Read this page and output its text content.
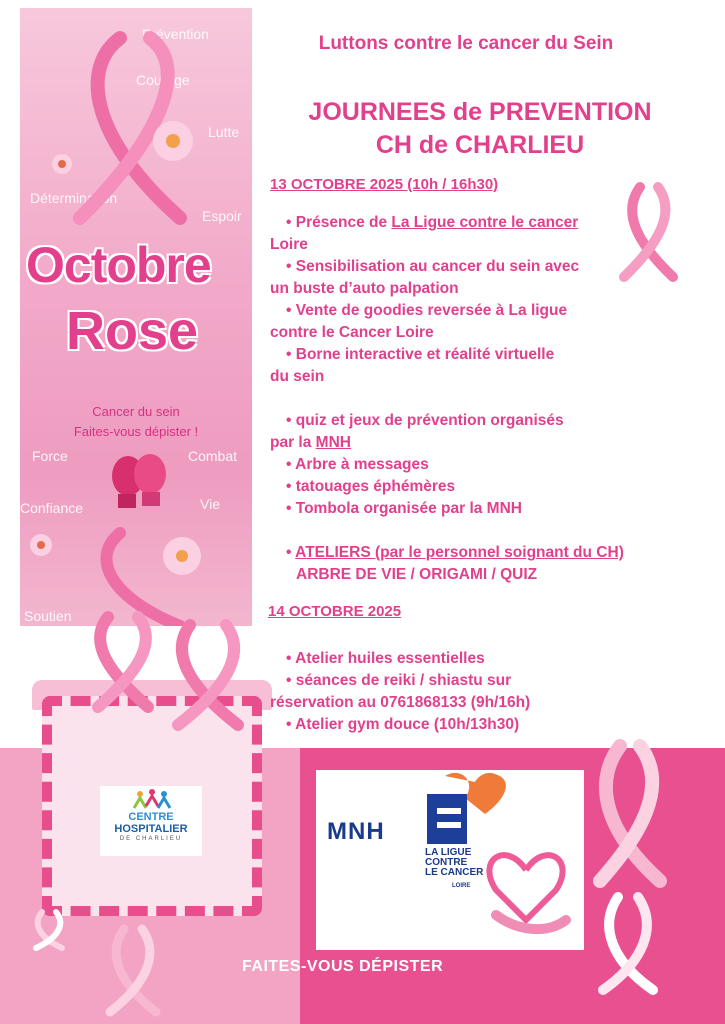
Prévention
Courage
Lutte
Détermination
Espoir
Force	Combat
Confiance	Vie
Soutien
Octobre
Rose
Cancer du sein
Faites-vous dépister !
CENTRE
HOSPITALIER
DE CHARLIEU	MNH
LA LIGUE
CONTRE
LE CANCER
LOIRE
FAITES-VOUS DÉPISTER
Luttons contre le cancer du Sein
JOURNEES de PREVENTION
CH de CHARLIEU
13 OCTOBRE 2025 (10h / 16h30)
• Présence de La Ligue contre le cancer
Loire
• Sensibilisation au cancer du sein avec
un buste d’auto palpation
• Vente de goodies reversée à La ligue
contre le Cancer Loire
• Borne interactive et réalité virtuelle
du sein
• quiz et jeux de prévention organisés
par la MNH
• Arbre à messages
• tatouages éphémères
• Tombola organisée par la MNH
• ATELIERS (par le personnel soignant du CH)
ARBRE DE VIE / ORIGAMI / QUIZ
14 OCTOBRE 2025
• Atelier huiles essentielles
• séances de reiki / shiastu sur
réservation au 0761868133 (9h/16h)
• Atelier gym douce (10h/13h30)
